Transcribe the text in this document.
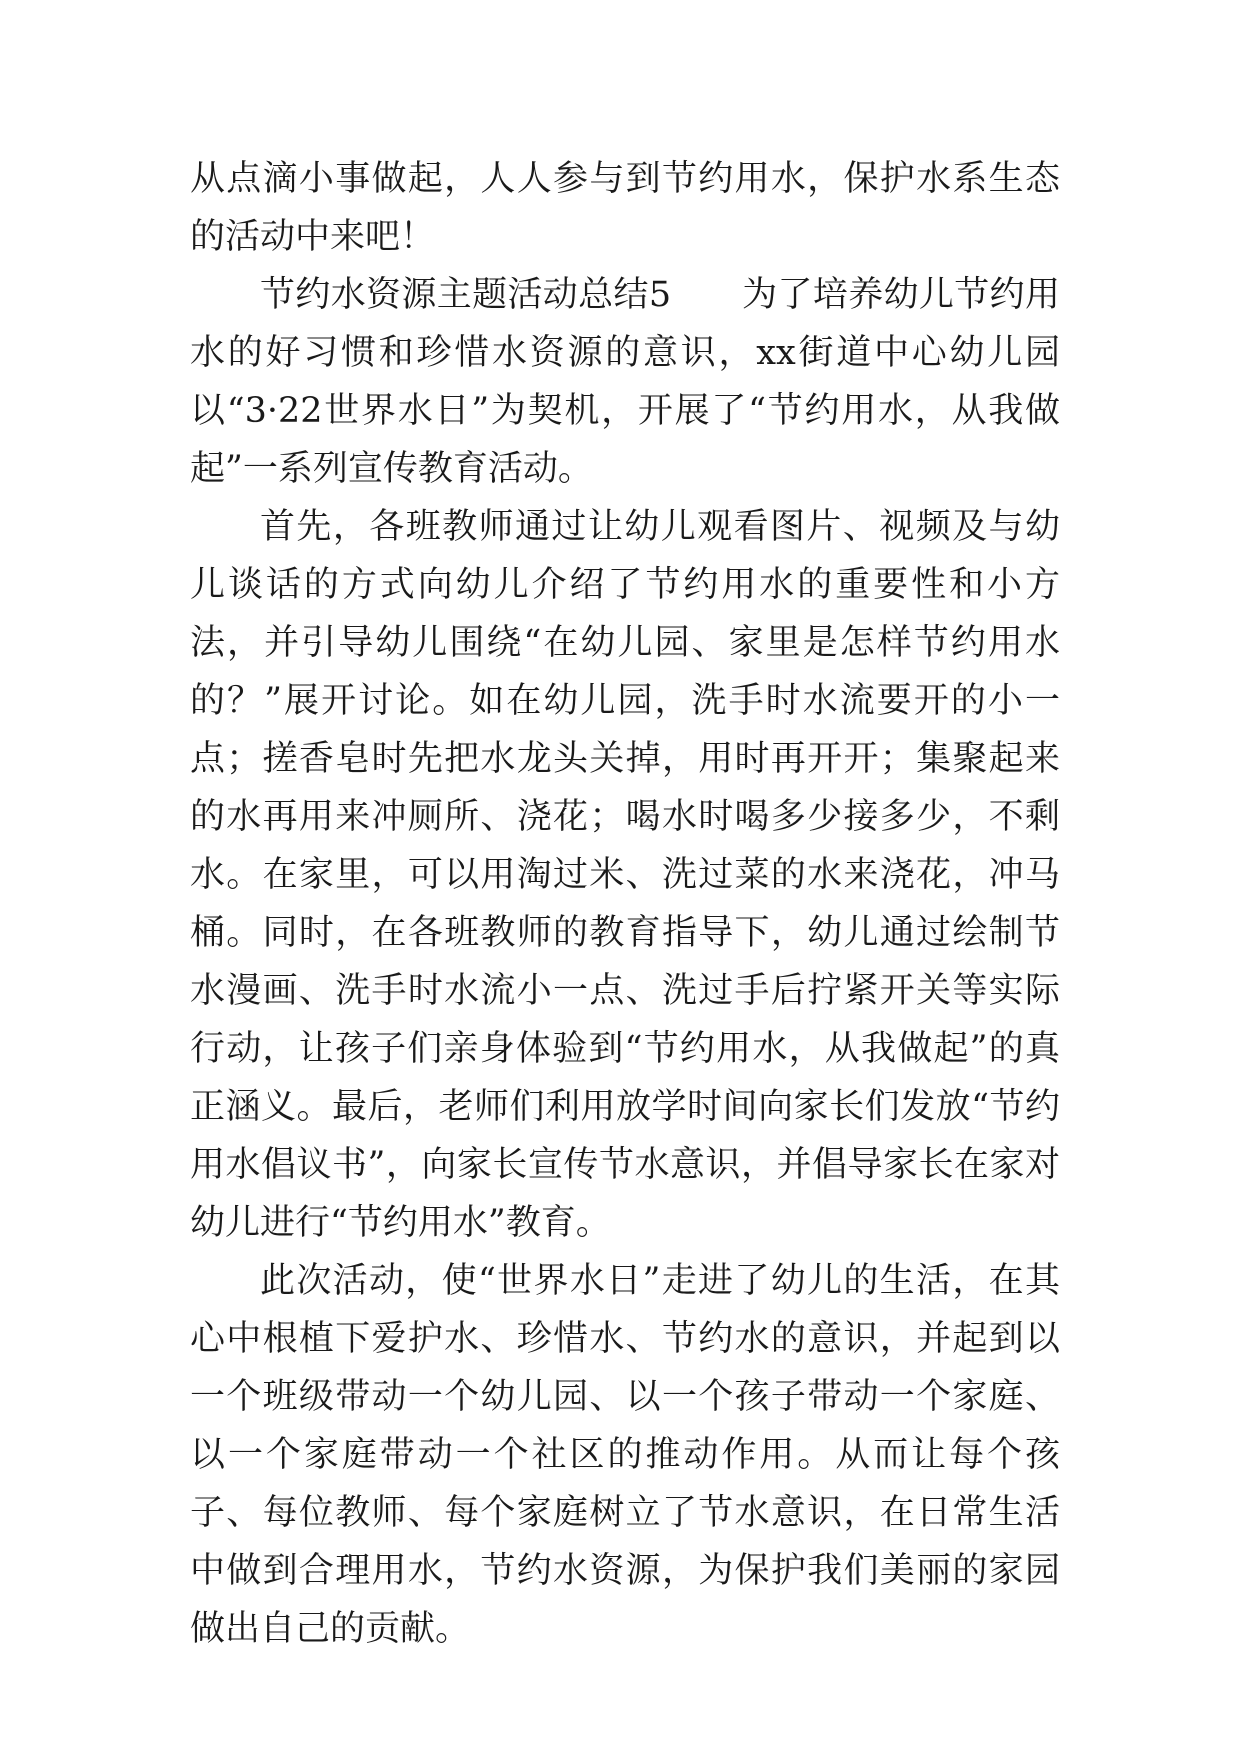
从点滴小事做起，人人参与到节约用水，保护水系生态的活动中来吧！

节约水资源主题活动总结5　　为了培养幼儿节约用水的好习惯和珍惜水资源的意识，xx街道中心幼儿园以“3·22世界水日”为契机，开展了“节约用水，从我做起”一系列宣传教育活动。

首先，各班教师通过让幼儿观看图片、视频及与幼儿谈话的方式向幼儿介绍了节约用水的重要性和小方法，并引导幼儿围绕“在幼儿园、家里是怎样节约用水的？”展开讨论。如在幼儿园，洗手时水流要开的小一点；搓香皂时先把水龙头关掉，用时再开开；集聚起来的水再用来冲厕所、浇花；喝水时喝多少接多少，不剩水。在家里，可以用淘过米、洗过菜的水来浇花，冲马桶。同时，在各班教师的教育指导下，幼儿通过绘制节水漫画、洗手时水流小一点、洗过手后拧紧开关等实际行动，让孩子们亲身体验到“节约用水，从我做起”的真正涵义。最后，老师们利用放学时间向家长们发放“节约用水倡议书”，向家长宣传节水意识，并倡导家长在家对幼儿进行“节约用水”教育。

此次活动，使“世界水日”走进了幼儿的生活，在其心中根植下爱护水、珍惜水、节约水的意识，并起到以一个班级带动一个幼儿园、以一个孩子带动一个家庭、以一个家庭带动一个社区的推动作用。从而让每个孩子、每位教师、每个家庭树立了节水意识，在日常生活中做到合理用水，节约水资源，为保护我们美丽的家园做出自己的贡献。
